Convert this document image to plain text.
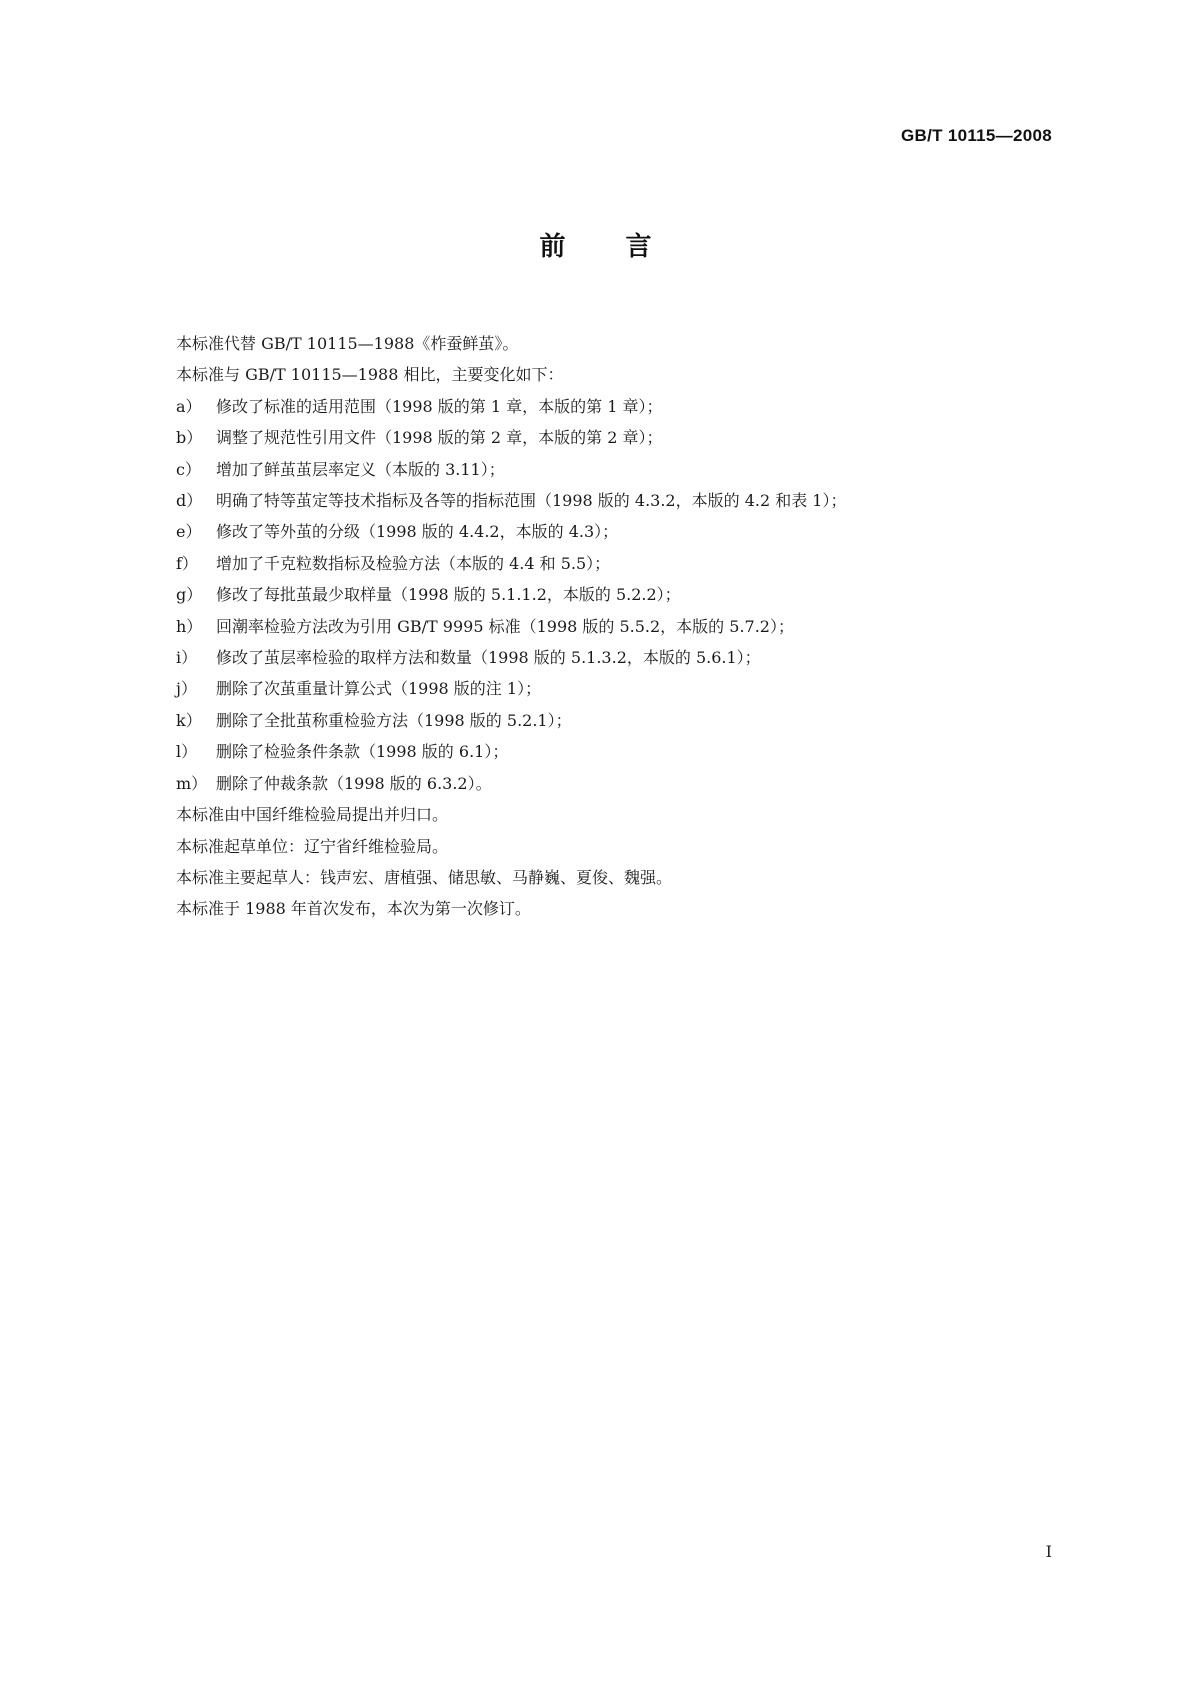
GB/T 10115—2008
前言

本标准代替 GB/T 10115—1988《柞蚕鲜茧》。

本标准与 GB/T 10115—1988 相比，主要变化如下：

a） 修改了标准的适用范围（1998 版的第 1 章，本版的第 1 章）；
b） 调整了规范性引用文件（1998 版的第 2 章，本版的第 2 章）；
c） 增加了鲜茧茧层率定义（本版的 3.11）；
d） 明确了特等茧定等技术指标及各等的指标范围（1998 版的 4.3.2，本版的 4.2 和表 1）；
e） 修改了等外茧的分级（1998 版的 4.4.2，本版的 4.3）；
f）	增加了千克粒数指标及检验方法（本版的 4.4 和 5.5）；
g） 修改了每批茧最少取样量（1998 版的 5.1.1.2，本版的 5.2.2）；
h） 回潮率检验方法改为引用 GB/T 9995 标准（1998 版的 5.5.2，本版的 5.7.2）；
i）	修改了茧层率检验的取样方法和数量（1998 版的 5.1.3.2，本版的 5.6.1）；
j）	删除了次茧重量计算公式（1998 版的注 1）；
k） 删除了全批茧称重检验方法（1998 版的 5.2.1）；
l）	删除了检验条件条款（1998 版的 6.1）；
m） 删除了仲裁条款（1998 版的 6.3.2）。

本标准由中国纤维检验局提出并归口。

本标准起草单位：辽宁省纤维检验局。

本标准主要起草人：钱声宏、唐植强、储思敏、马静巍、夏俊、魏强。

本标准于 1988 年首次发布，本次为第一次修订。

I
